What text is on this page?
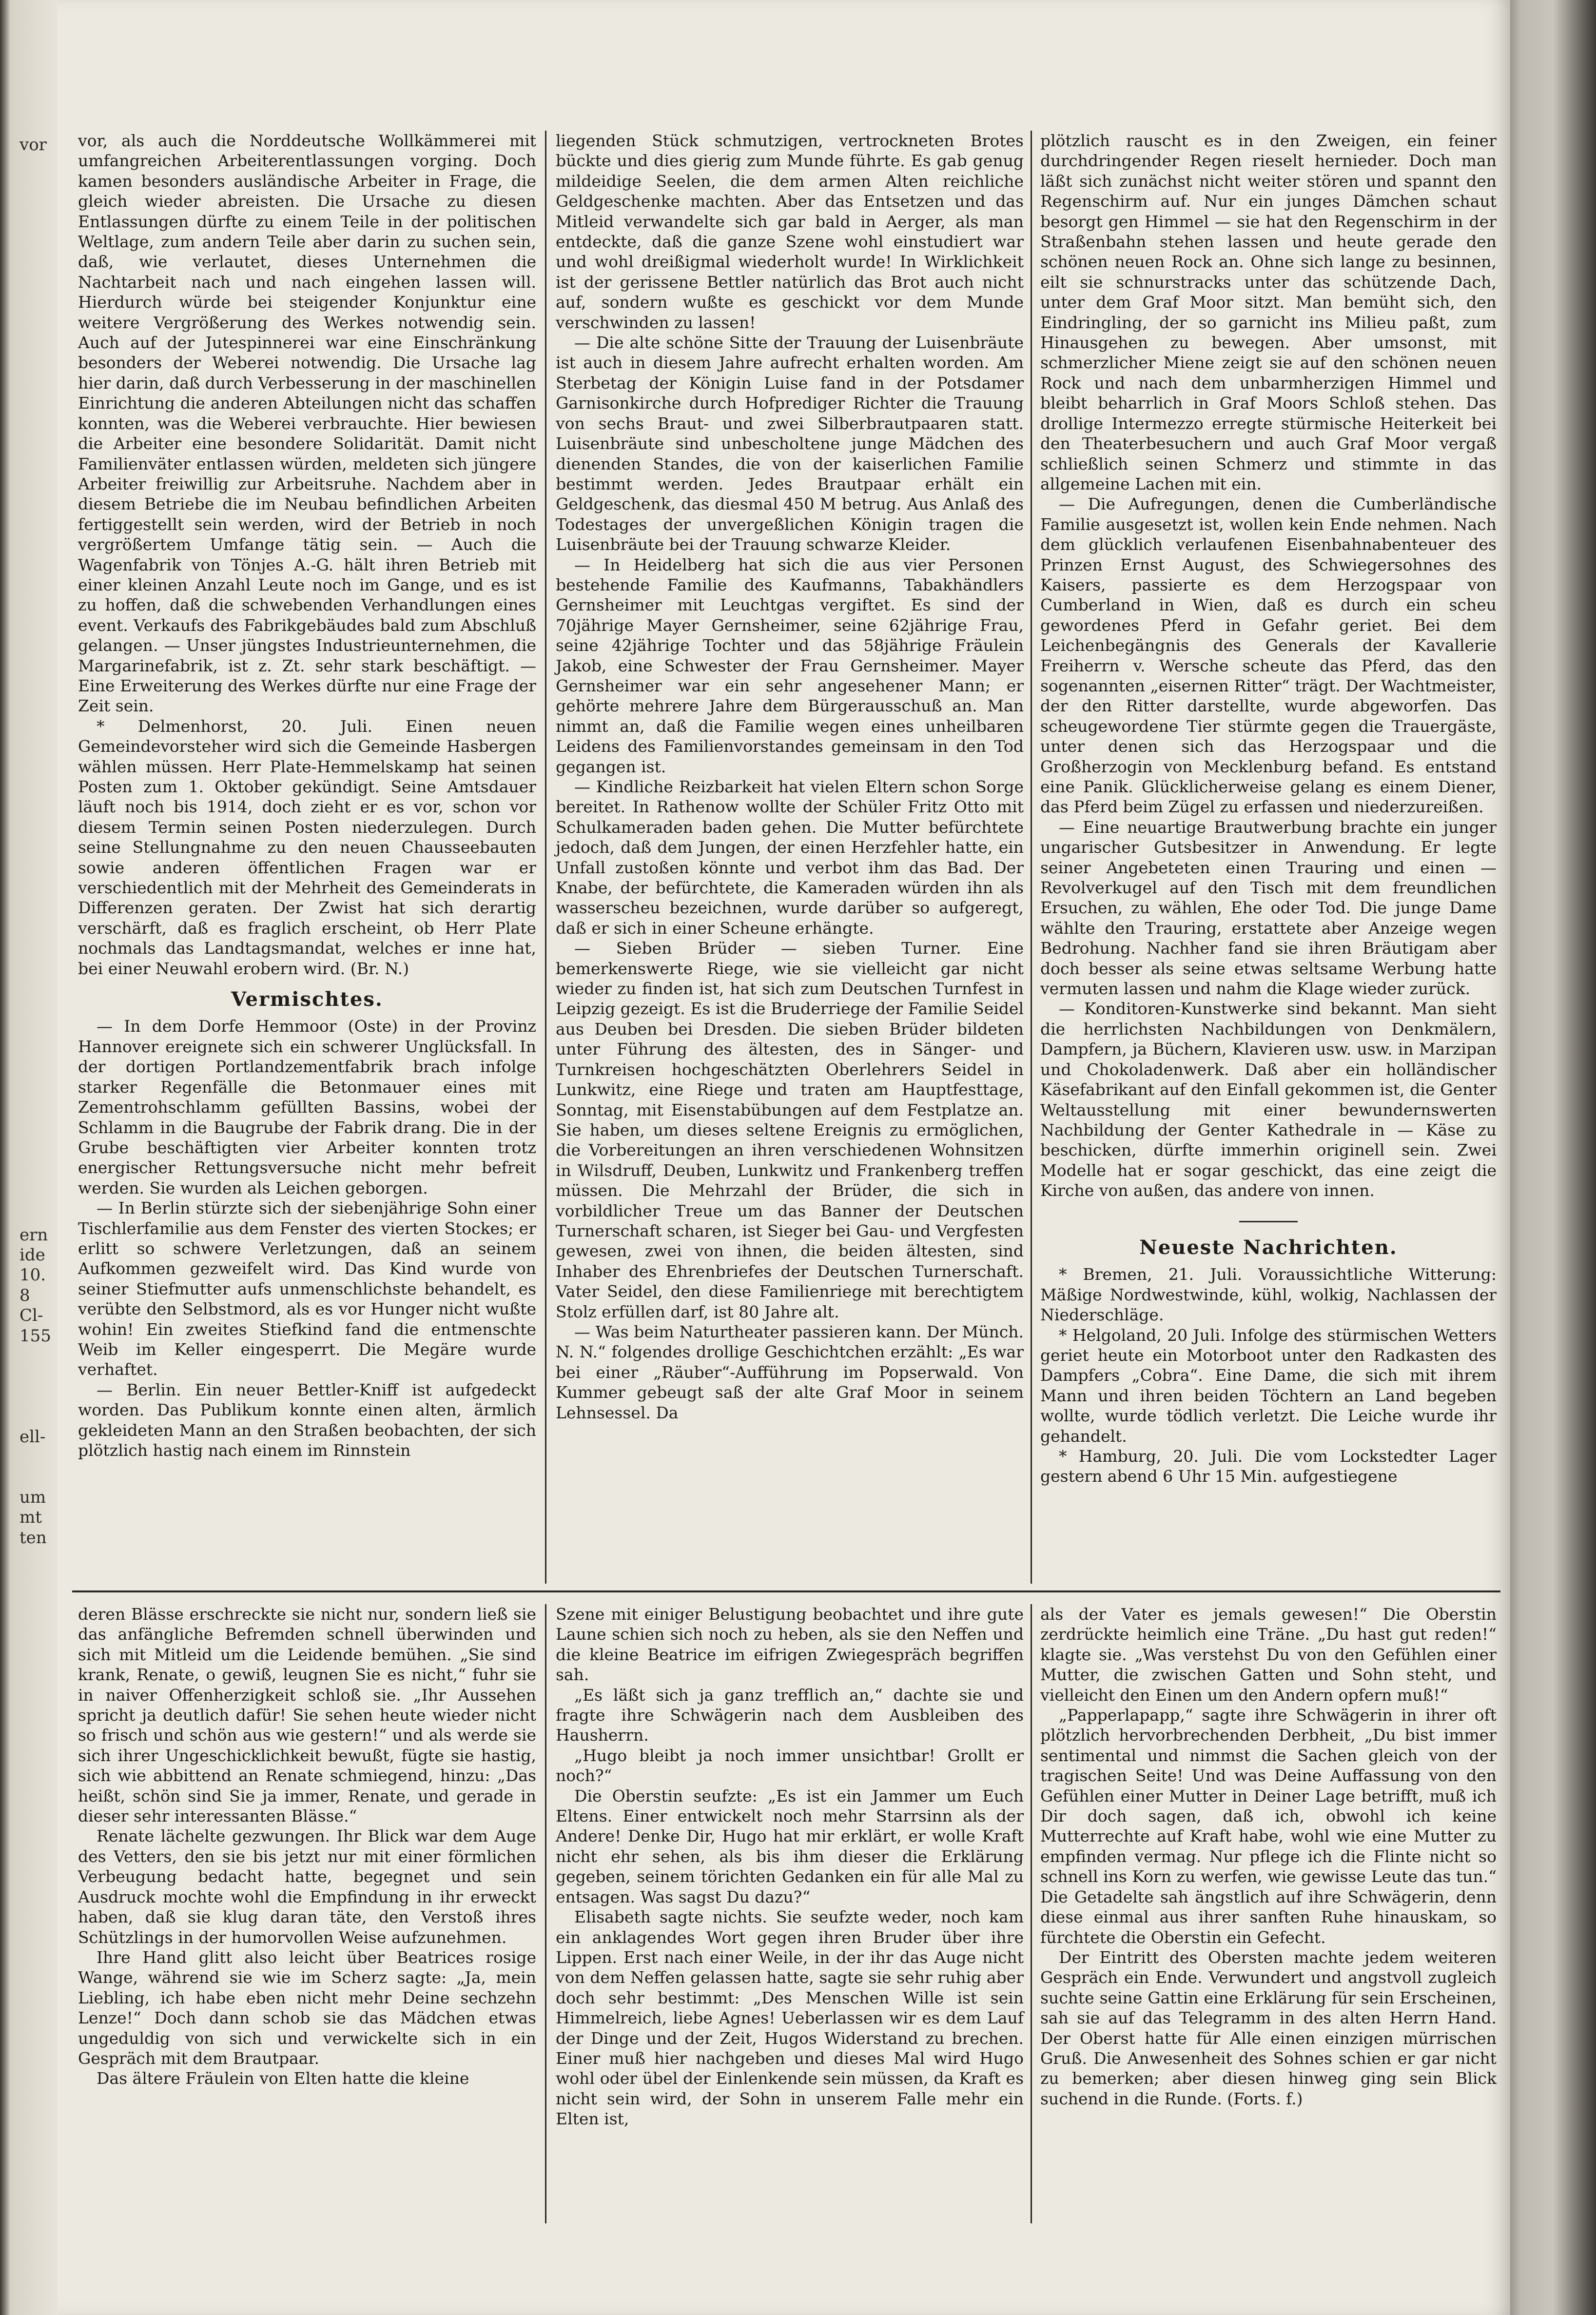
vor
ern
ide
10.
8
Cl-
155
ell-
um
mt
ten

vor, als auch die Norddeutsche Wollkämmerei mit umfangreichen Arbeiterentlassungen vorging. Doch kamen besonders ausländische Arbeiter in Frage, die gleich wieder abreisten. Die Ursache zu diesen Entlassungen dürfte zu einem Teile in der politischen Weltlage, zum andern Teile aber darin zu suchen sein, daß, wie verlautet, dieses Unternehmen die Nachtarbeit nach und nach eingehen lassen will. Hierdurch würde bei steigender Konjunktur eine weitere Vergrößerung des Werkes notwendig sein. Auch auf der Jutespinnerei war eine Einschränkung besonders der Weberei notwendig. Die Ursache lag hier darin, daß durch Verbesserung in der maschinellen Einrichtung die anderen Abteilungen nicht das schaffen konnten, was die Weberei verbrauchte. Hier bewiesen die Arbeiter eine besondere Solidarität. Damit nicht Familienväter entlassen würden, meldeten sich jüngere Arbeiter freiwillig zur Arbeitsruhe. Nachdem aber in diesem Betriebe die im Neubau befindlichen Arbeiten fertiggestellt sein werden, wird der Betrieb in noch vergrößertem Umfange tätig sein. — Auch die Wagenfabrik von Tönjes A.-G. hält ihren Betrieb mit einer kleinen Anzahl Leute noch im Gange, und es ist zu hoffen, daß die schwebenden Verhandlungen eines event. Verkaufs des Fabrikgebäudes bald zum Abschluß gelangen. — Unser jüngstes Industrieunternehmen, die Margarinefabrik, ist z. Zt. sehr stark beschäftigt. — Eine Erweiterung des Werkes dürfte nur eine Frage der Zeit sein.

* Delmenhorst, 20. Juli. Einen neuen Gemeindevorsteher wird sich die Gemeinde Hasbergen wählen müssen. Herr Plate-Hemmelskamp hat seinen Posten zum 1. Oktober gekündigt. Seine Amtsdauer läuft noch bis 1914, doch zieht er es vor, schon vor diesem Termin seinen Posten niederzulegen. Durch seine Stellungnahme zu den neuen Chausseebauten sowie anderen öffentlichen Fragen war er verschiedentlich mit der Mehrheit des Gemeinderats in Differenzen geraten. Der Zwist hat sich derartig verschärft, daß es fraglich erscheint, ob Herr Plate nochmals das Landtagsmandat, welches er inne hat, bei einer Neuwahl erobern wird. (Br. N.)

Vermischtes.

— In dem Dorfe Hemmoor (Oste) in der Provinz Hannover ereignete sich ein schwerer Unglücksfall. In der dortigen Portlandzementfabrik brach infolge starker Regenfälle die Betonmauer eines mit Zementrohschlamm gefüllten Bassins, wobei der Schlamm in die Baugrube der Fabrik drang. Die in der Grube beschäftigten vier Arbeiter konnten trotz energischer Rettungsversuche nicht mehr befreit werden. Sie wurden als Leichen geborgen.

— In Berlin stürzte sich der siebenjährige Sohn einer Tischlerfamilie aus dem Fenster des vierten Stockes; er erlitt so schwere Verletzungen, daß an seinem Aufkommen gezweifelt wird. Das Kind wurde von seiner Stiefmutter aufs unmenschlichste behandelt, es verübte den Selbstmord, als es vor Hunger nicht wußte wohin! Ein zweites Stiefkind fand die entmenschte Weib im Keller eingesperrt. Die Megäre wurde verhaftet.

— Berlin. Ein neuer Bettler-Kniff ist aufgedeckt worden. Das Publikum konnte einen alten, ärmlich gekleideten Mann an den Straßen beobachten, der sich plötzlich hastig nach einem im Rinnstein

liegenden Stück schmutzigen, vertrockneten Brotes bückte und dies gierig zum Munde führte. Es gab genug mildeidige Seelen, die dem armen Alten reichliche Geldgeschenke machten. Aber das Entsetzen und das Mitleid verwandelte sich gar bald in Aerger, als man entdeckte, daß die ganze Szene wohl einstudiert war und wohl dreißigmal wiederholt wurde! In Wirklichkeit ist der gerissene Bettler natürlich das Brot auch nicht auf, sondern wußte es geschickt vor dem Munde verschwinden zu lassen!

— Die alte schöne Sitte der Trauung der Luisenbräute ist auch in diesem Jahre aufrecht erhalten worden. Am Sterbetag der Königin Luise fand in der Potsdamer Garnisonkirche durch Hofprediger Richter die Trauung von sechs Braut- und zwei Silberbrautpaaren statt. Luisenbräute sind unbescholtene junge Mädchen des dienenden Standes, die von der kaiserlichen Familie bestimmt werden. Jedes Brautpaar erhält ein Geldgeschenk, das diesmal 450 M betrug. Aus Anlaß des Todestages der unvergeßlichen Königin tragen die Luisenbräute bei der Trauung schwarze Kleider.

— In Heidelberg hat sich die aus vier Personen bestehende Familie des Kaufmanns, Tabakhändlers Gernsheimer mit Leuchtgas vergiftet. Es sind der 70jährige Mayer Gernsheimer, seine 62jährige Frau, seine 42jährige Tochter und das 58jährige Fräulein Jakob, eine Schwester der Frau Gernsheimer. Mayer Gernsheimer war ein sehr angesehener Mann; er gehörte mehrere Jahre dem Bürgerausschuß an. Man nimmt an, daß die Familie wegen eines unheilbaren Leidens des Familienvorstandes gemeinsam in den Tod gegangen ist.

— Kindliche Reizbarkeit hat vielen Eltern schon Sorge bereitet. In Rathenow wollte der Schüler Fritz Otto mit Schulkameraden baden gehen. Die Mutter befürchtete jedoch, daß dem Jungen, der einen Herzfehler hatte, ein Unfall zustoßen könnte und verbot ihm das Bad. Der Knabe, der befürchtete, die Kameraden würden ihn als wasserscheu bezeichnen, wurde darüber so aufgeregt, daß er sich in einer Scheune erhängte.

— Sieben Brüder — sieben Turner. Eine bemerkenswerte Riege, wie sie vielleicht gar nicht wieder zu finden ist, hat sich zum Deutschen Turnfest in Leipzig gezeigt. Es ist die Bruderriege der Familie Seidel aus Deuben bei Dresden. Die sieben Brüder bildeten unter Führung des ältesten, des in Sänger- und Turnkreisen hochgeschätzten Oberlehrers Seidel in Lunkwitz, eine Riege und traten am Hauptfesttage, Sonntag, mit Eisenstabübungen auf dem Festplatze an. Sie haben, um dieses seltene Ereignis zu ermöglichen, die Vorbereitungen an ihren verschiedenen Wohnsitzen in Wilsdruff, Deuben, Lunkwitz und Frankenberg treffen müssen. Die Mehrzahl der Brüder, die sich in vorbildlicher Treue um das Banner der Deutschen Turnerschaft scharen, ist Sieger bei Gau- und Vergfesten gewesen, zwei von ihnen, die beiden ältesten, sind Inhaber des Ehrenbriefes der Deutschen Turnerschaft. Vater Seidel, den diese Familienriege mit berechtigtem Stolz erfüllen darf, ist 80 Jahre alt.

— Was beim Naturtheater passieren kann. Der Münch. N. N.“ folgendes drollige Geschichtchen erzählt: „Es war bei einer „Räuber“-Aufführung im Popserwald. Von Kummer gebeugt saß der alte Graf Moor in seinem Lehnsessel. Da

plötzlich rauscht es in den Zweigen, ein feiner durchdringender Regen rieselt hernieder. Doch man läßt sich zunächst nicht weiter stören und spannt den Regenschirm auf. Nur ein junges Dämchen schaut besorgt gen Himmel — sie hat den Regenschirm in der Straßenbahn stehen lassen und heute gerade den schönen neuen Rock an. Ohne sich lange zu besinnen, eilt sie schnurstracks unter das schützende Dach, unter dem Graf Moor sitzt. Man bemüht sich, den Eindringling, der so garnicht ins Milieu paßt, zum Hinausgehen zu bewegen. Aber umsonst, mit schmerzlicher Miene zeigt sie auf den schönen neuen Rock und nach dem unbarmherzigen Himmel und bleibt beharrlich in Graf Moors Schloß stehen. Das drollige Intermezzo erregte stürmische Heiterkeit bei den Theaterbesuchern und auch Graf Moor vergaß schließlich seinen Schmerz und stimmte in das allgemeine Lachen mit ein.

— Die Aufregungen, denen die Cumberländische Familie ausgesetzt ist, wollen kein Ende nehmen. Nach dem glücklich verlaufenen Eisenbahnabenteuer des Prinzen Ernst August, des Schwiegersohnes des Kaisers, passierte es dem Herzogspaar von Cumberland in Wien, daß es durch ein scheu gewordenes Pferd in Gefahr geriet. Bei dem Leichenbegängnis des Generals der Kavallerie Freiherrn v. Wersche scheute das Pferd, das den sogenannten „eisernen Ritter“ trägt. Der Wachtmeister, der den Ritter darstellte, wurde abgeworfen. Das scheugewordene Tier stürmte gegen die Trauergäste, unter denen sich das Herzogspaar und die Großherzogin von Mecklenburg befand. Es entstand eine Panik. Glücklicherweise gelang es einem Diener, das Pferd beim Zügel zu erfassen und niederzureißen.

— Eine neuartige Brautwerbung brachte ein junger ungarischer Gutsbesitzer in Anwendung. Er legte seiner Angebeteten einen Trauring und einen — Revolverkugel auf den Tisch mit dem freundlichen Ersuchen, zu wählen, Ehe oder Tod. Die junge Dame wählte den Trauring, erstattete aber Anzeige wegen Bedrohung. Nachher fand sie ihren Bräutigam aber doch besser als seine etwas seltsame Werbung hatte vermuten lassen und nahm die Klage wieder zurück.

— Konditoren-Kunstwerke sind bekannt. Man sieht die herrlichsten Nachbildungen von Denkmälern, Dampfern, ja Büchern, Klavieren usw. usw. in Marzipan und Chokoladenwerk. Daß aber ein holländischer Käsefabrikant auf den Einfall gekommen ist, die Genter Weltausstellung mit einer bewundernswerten Nachbildung der Genter Kathedrale in — Käse zu beschicken, dürfte immerhin originell sein. Zwei Modelle hat er sogar geschickt, das eine zeigt die Kirche von außen, das andere von innen.

Neueste Nachrichten.

* Bremen, 21. Juli. Voraussichtliche Witterung: Mäßige Nordwestwinde, kühl, wolkig, Nachlassen der Niederschläge.

* Helgoland, 20 Juli. Infolge des stürmischen Wetters geriet heute ein Motorboot unter den Radkasten des Dampfers „Cobra“. Eine Dame, die sich mit ihrem Mann und ihren beiden Töchtern an Land begeben wollte, wurde tödlich verletzt. Die Leiche wurde ihr gehandelt.

* Hamburg, 20. Juli. Die vom Lockstedter Lager gestern abend 6 Uhr 15 Min. aufgestiegene

deren Blässe erschreckte sie nicht nur, sondern ließ sie das anfängliche Befremden schnell überwinden und sich mit Mitleid um die Leidende bemühen. „Sie sind krank, Renate, o gewiß, leugnen Sie es nicht,“ fuhr sie in naiver Offenherzigkeit schloß sie. „Ihr Aussehen spricht ja deutlich dafür! Sie sehen heute wieder nicht so frisch und schön aus wie gestern!“ und als werde sie sich ihrer Ungeschicklichkeit bewußt, fügte sie hastig, sich wie abbittend an Renate schmiegend, hinzu: „Das heißt, schön sind Sie ja immer, Renate, und gerade in dieser sehr interessanten Blässe.“

Renate lächelte gezwungen. Ihr Blick war dem Auge des Vetters, den sie bis jetzt nur mit einer förmlichen Verbeugung bedacht hatte, begegnet und sein Ausdruck mochte wohl die Empfindung in ihr erweckt haben, daß sie klug daran täte, den Verstoß ihres Schützlings in der humorvollen Weise aufzunehmen.

Ihre Hand glitt also leicht über Beatrices rosige Wange, während sie wie im Scherz sagte: „Ja, mein Liebling, ich habe eben nicht mehr Deine sechzehn Lenze!“ Doch dann schob sie das Mädchen etwas ungeduldig von sich und verwickelte sich in ein Gespräch mit dem Brautpaar.

Das ältere Fräulein von Elten hatte die kleine

Szene mit einiger Belustigung beobachtet und ihre gute Laune schien sich noch zu heben, als sie den Neffen und die kleine Beatrice im eifrigen Zwiegespräch begriffen sah.

„Es läßt sich ja ganz trefflich an,“ dachte sie und fragte ihre Schwägerin nach dem Ausbleiben des Hausherrn.

„Hugo bleibt ja noch immer unsichtbar! Grollt er noch?“

Die Oberstin seufzte: „Es ist ein Jammer um Euch Eltens. Einer entwickelt noch mehr Starrsinn als der Andere! Denke Dir, Hugo hat mir erklärt, er wolle Kraft nicht ehr sehen, als bis ihm dieser die Erklärung gegeben, seinem törichten Gedanken ein für alle Mal zu entsagen. Was sagst Du dazu?“

Elisabeth sagte nichts. Sie seufzte weder, noch kam ein anklagendes Wort gegen ihren Bruder über ihre Lippen. Erst nach einer Weile, in der ihr das Auge nicht von dem Neffen gelassen hatte, sagte sie sehr ruhig aber doch sehr bestimmt: „Des Menschen Wille ist sein Himmelreich, liebe Agnes! Ueberlassen wir es dem Lauf der Dinge und der Zeit, Hugos Widerstand zu brechen. Einer muß hier nachgeben und dieses Mal wird Hugo wohl oder übel der Einlenkende sein müssen, da Kraft es nicht sein wird, der Sohn in unserem Falle mehr ein Elten ist,

als der Vater es jemals gewesen!“ Die Oberstin zerdrückte heimlich eine Träne. „Du hast gut reden!“ klagte sie. „Was verstehst Du von den Gefühlen einer Mutter, die zwischen Gatten und Sohn steht, und vielleicht den Einen um den Andern opfern muß!“

„Papperlapapp,“ sagte ihre Schwägerin in ihrer oft plötzlich hervorbrechenden Derbheit, „Du bist immer sentimental und nimmst die Sachen gleich von der tragischen Seite! Und was Deine Auffassung von den Gefühlen einer Mutter in Deiner Lage betrifft, muß ich Dir doch sagen, daß ich, obwohl ich keine Mutterrechte auf Kraft habe, wohl wie eine Mutter zu empfinden vermag. Nur pflege ich die Flinte nicht so schnell ins Korn zu werfen, wie gewisse Leute das tun.“ Die Getadelte sah ängstlich auf ihre Schwägerin, denn diese einmal aus ihrer sanften Ruhe hinauskam, so fürchtete die Oberstin ein Gefecht.

Der Eintritt des Obersten machte jedem weiteren Gespräch ein Ende. Verwundert und angstvoll zugleich suchte seine Gattin eine Erklärung für sein Erscheinen, sah sie auf das Telegramm in des alten Herrn Hand. Der Oberst hatte für Alle einen einzigen mürrischen Gruß. Die Anwesenheit des Sohnes schien er gar nicht zu bemerken; aber diesen hinweg ging sein Blick suchend in die Runde. (Forts. f.)
